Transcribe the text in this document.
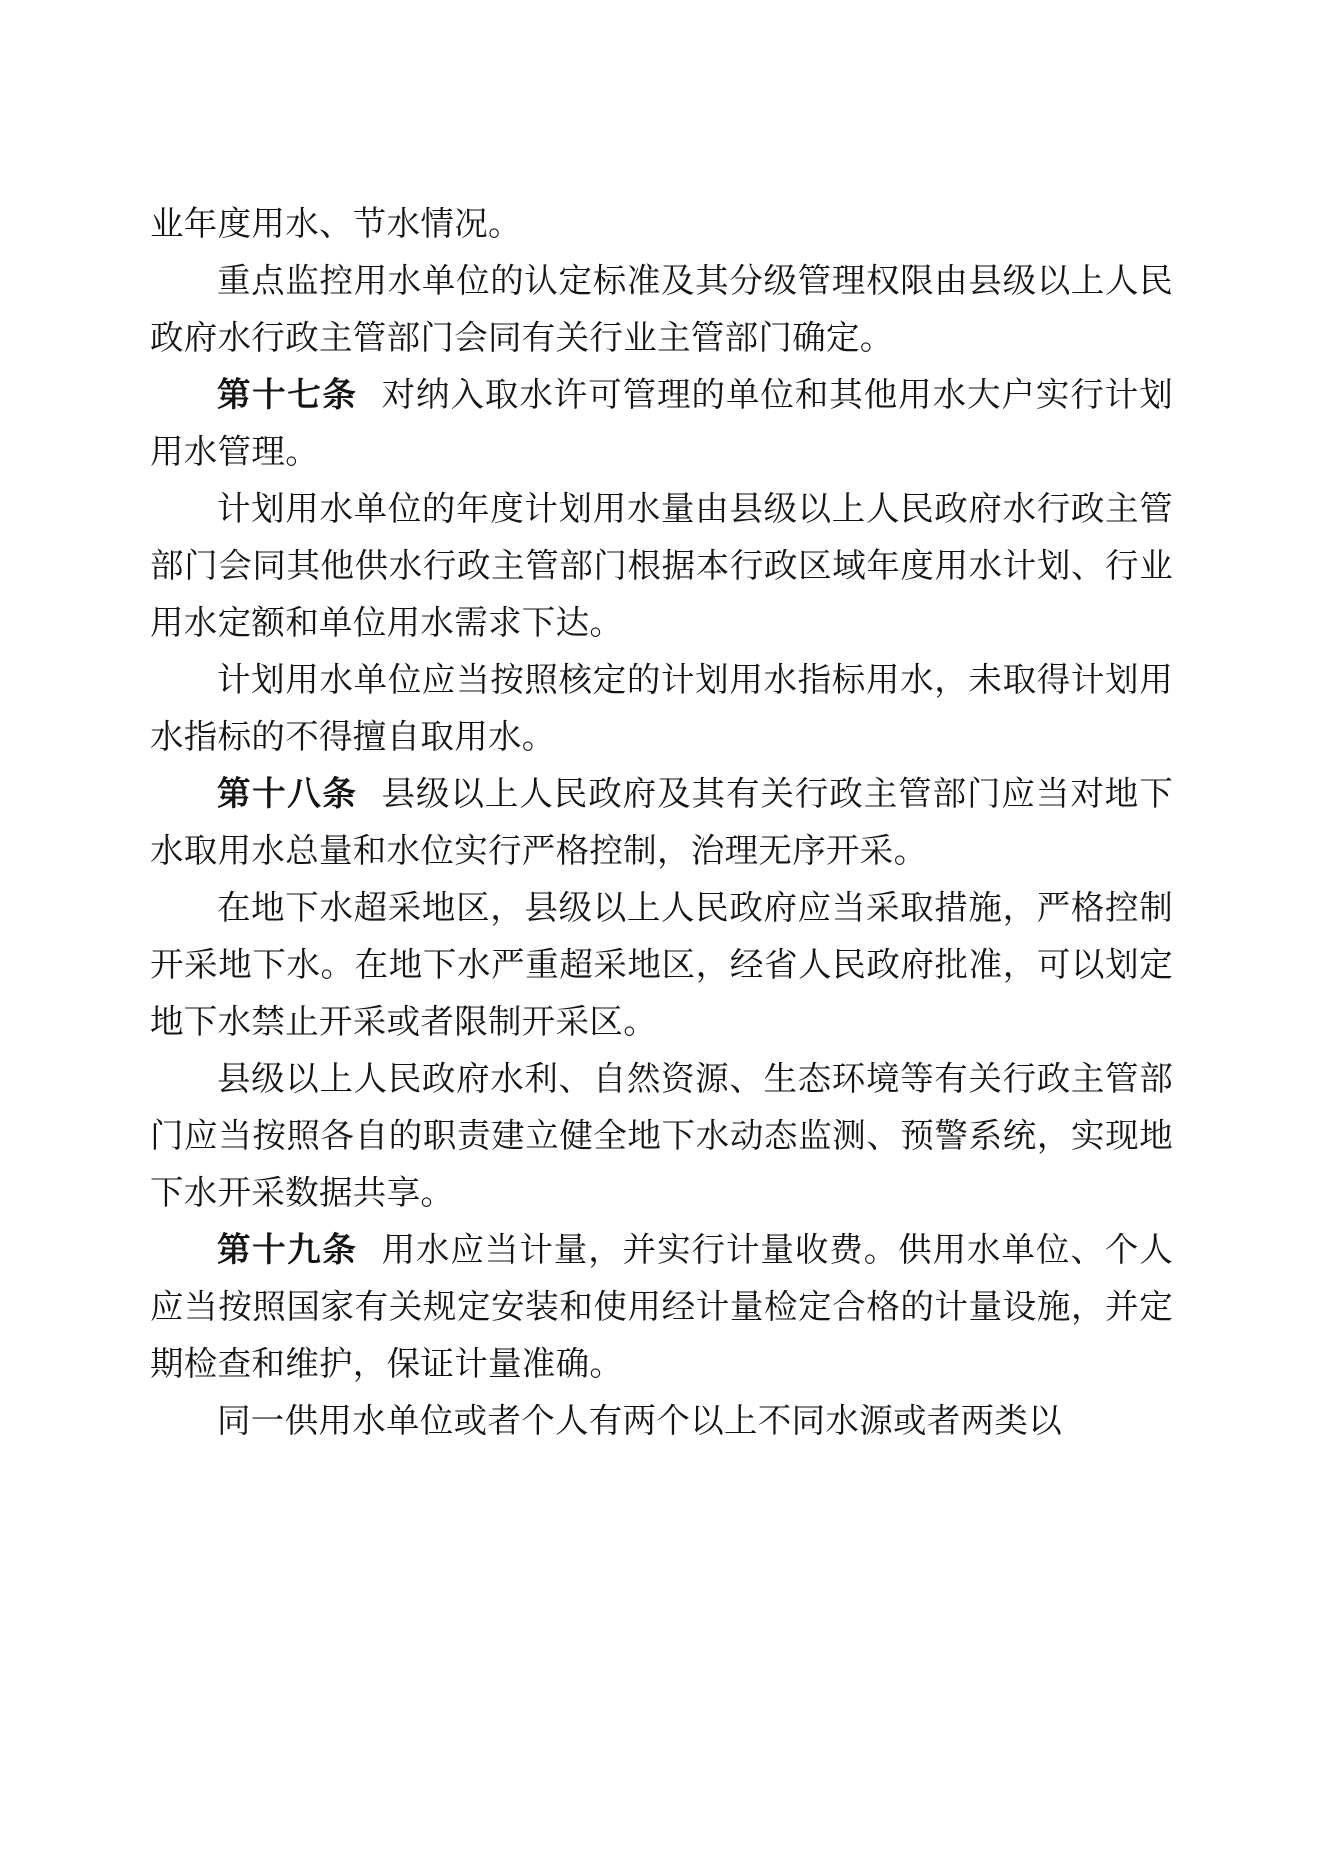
业年度用水、节水情况。

重点监控用水单位的认定标准及其分级管理权限由县级以上人民政府水行政主管部门会同有关行业主管部门确定。

第十七条 对纳入取水许可管理的单位和其他用水大户实行计划用水管理。

计划用水单位的年度计划用水量由县级以上人民政府水行政主管部门会同其他供水行政主管部门根据本行政区域年度用水计划、行业用水定额和单位用水需求下达。

计划用水单位应当按照核定的计划用水指标用水，未取得计划用水指标的不得擅自取用水。

第十八条 县级以上人民政府及其有关行政主管部门应当对地下水取用水总量和水位实行严格控制，治理无序开采。

在地下水超采地区，县级以上人民政府应当采取措施，严格控制开采地下水。在地下水严重超采地区，经省人民政府批准，可以划定地下水禁止开采或者限制开采区。

县级以上人民政府水利、自然资源、生态环境等有关行政主管部门应当按照各自的职责建立健全地下水动态监测、预警系统，实现地下水开采数据共享。

第十九条 用水应当计量，并实行计量收费。供用水单位、个人应当按照国家有关规定安装和使用经计量检定合格的计量设施，并定期检查和维护，保证计量准确。

同一供用水单位或者个人有两个以上不同水源或者两类以
